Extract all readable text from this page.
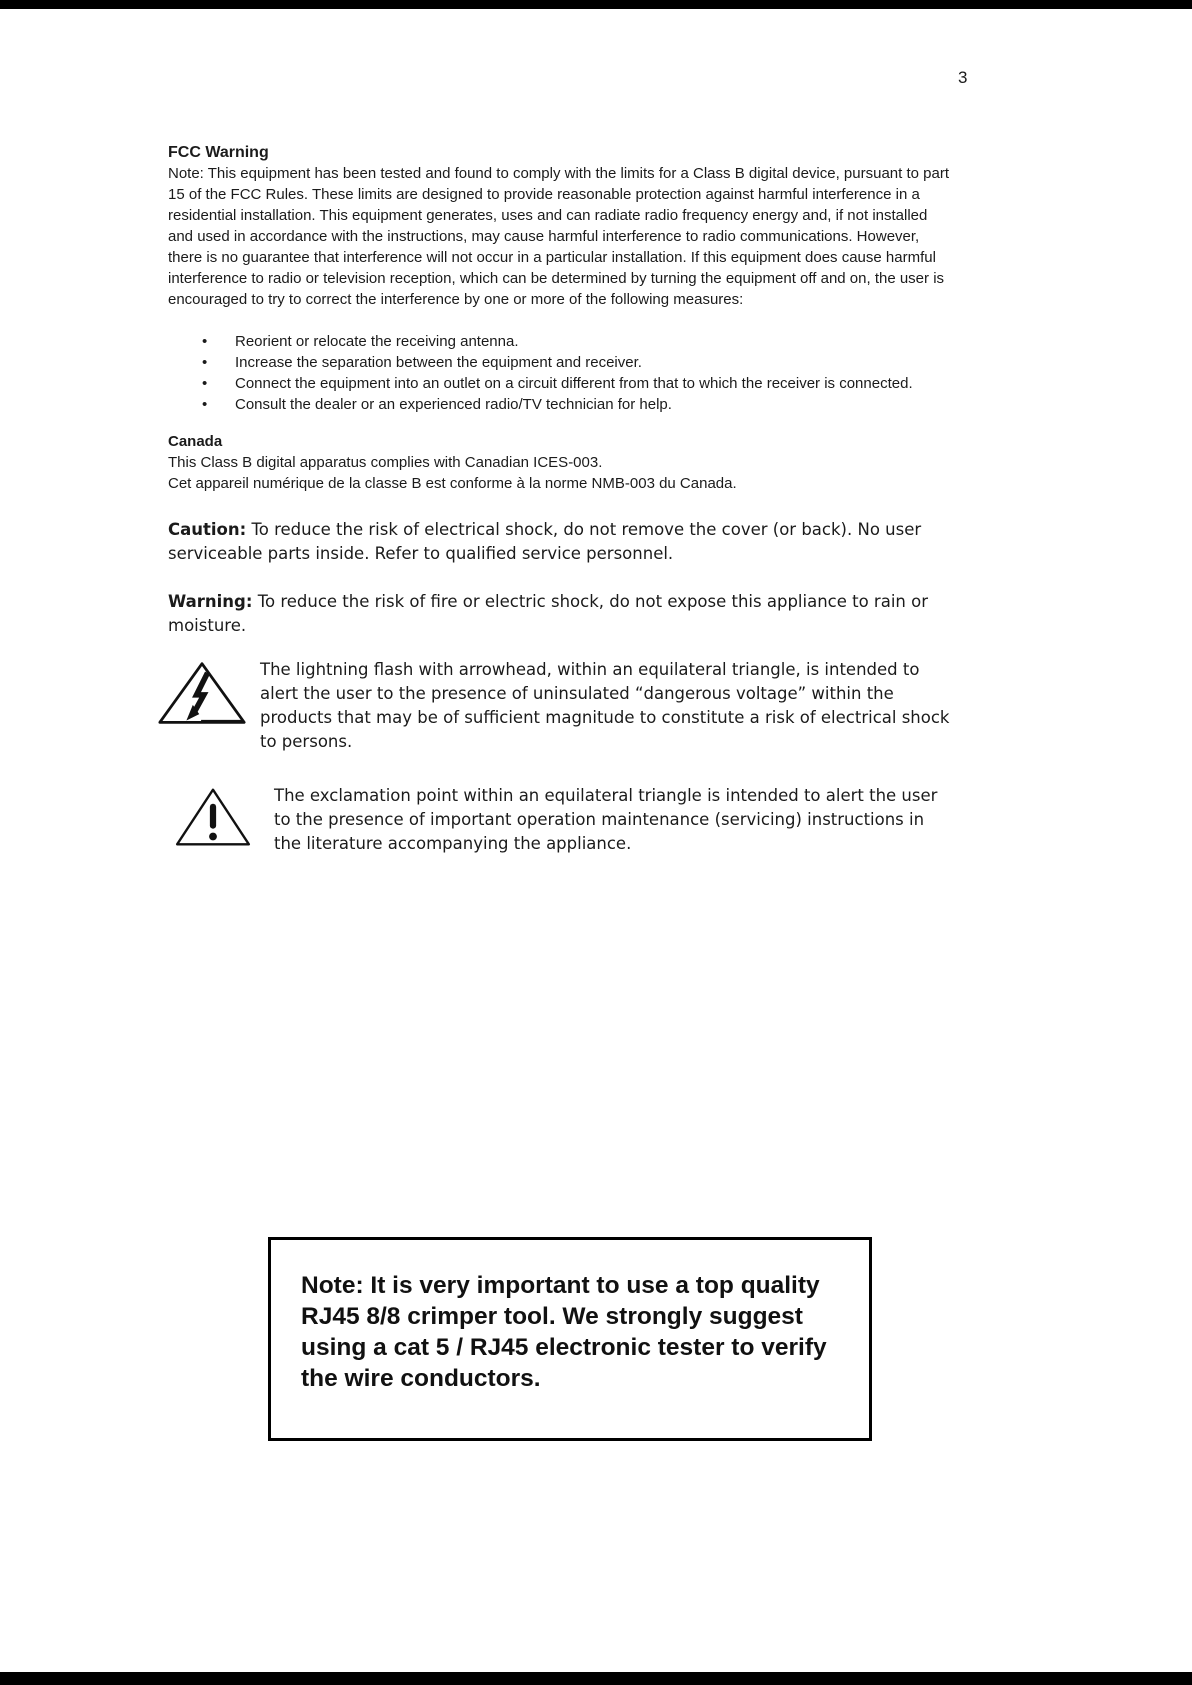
3

FCC Warning

Note: This equipment has been tested and found to comply with the limits for a Class B digital device, pursuant to part 15 of the FCC Rules. These limits are designed to provide reasonable protection against harmful interference in a residential installation. This equipment generates, uses and can radiate radio frequency energy and, if not installed and used in accordance with the instructions, may cause harmful interference to radio communications. However, there is no guarantee that interference will not occur in a particular installation. If this equipment does cause harmful interference to radio or television reception, which can be determined by turning the equipment off and on, the user is encouraged to try to correct the interference by one or more of the following measures:

• Reorient or relocate the receiving antenna.
• Increase the separation between the equipment and receiver.
• Connect the equipment into an outlet on a circuit different from that to which the receiver is connected.
• Consult the dealer or an experienced radio/TV technician for help.

Canada

This Class B digital apparatus complies with Canadian ICES-003.

Cet appareil numérique de la classe B est conforme à la norme NMB-003 du Canada.

Caution: To reduce the risk of electrical shock, do not remove the cover (or back). No user serviceable parts inside. Refer to qualified service personnel.

Warning: To reduce the risk of fire or electric shock, do not expose this appliance to rain or moisture.

The lightning flash with arrowhead, within an equilateral triangle, is intended to alert the user to the presence of uninsulated “dangerous voltage” within the products that may be of sufficient magnitude to constitute a risk of electrical shock to persons.
The exclamation point within an equilateral triangle is intended to alert the user to the presence of important operation maintenance (servicing) instructions in the literature accompanying the appliance.
Note: It is very important to use a top quality RJ45 8/8 crimper tool. We strongly suggest using a cat 5 / RJ45 electronic tester to verify the wire conductors.
